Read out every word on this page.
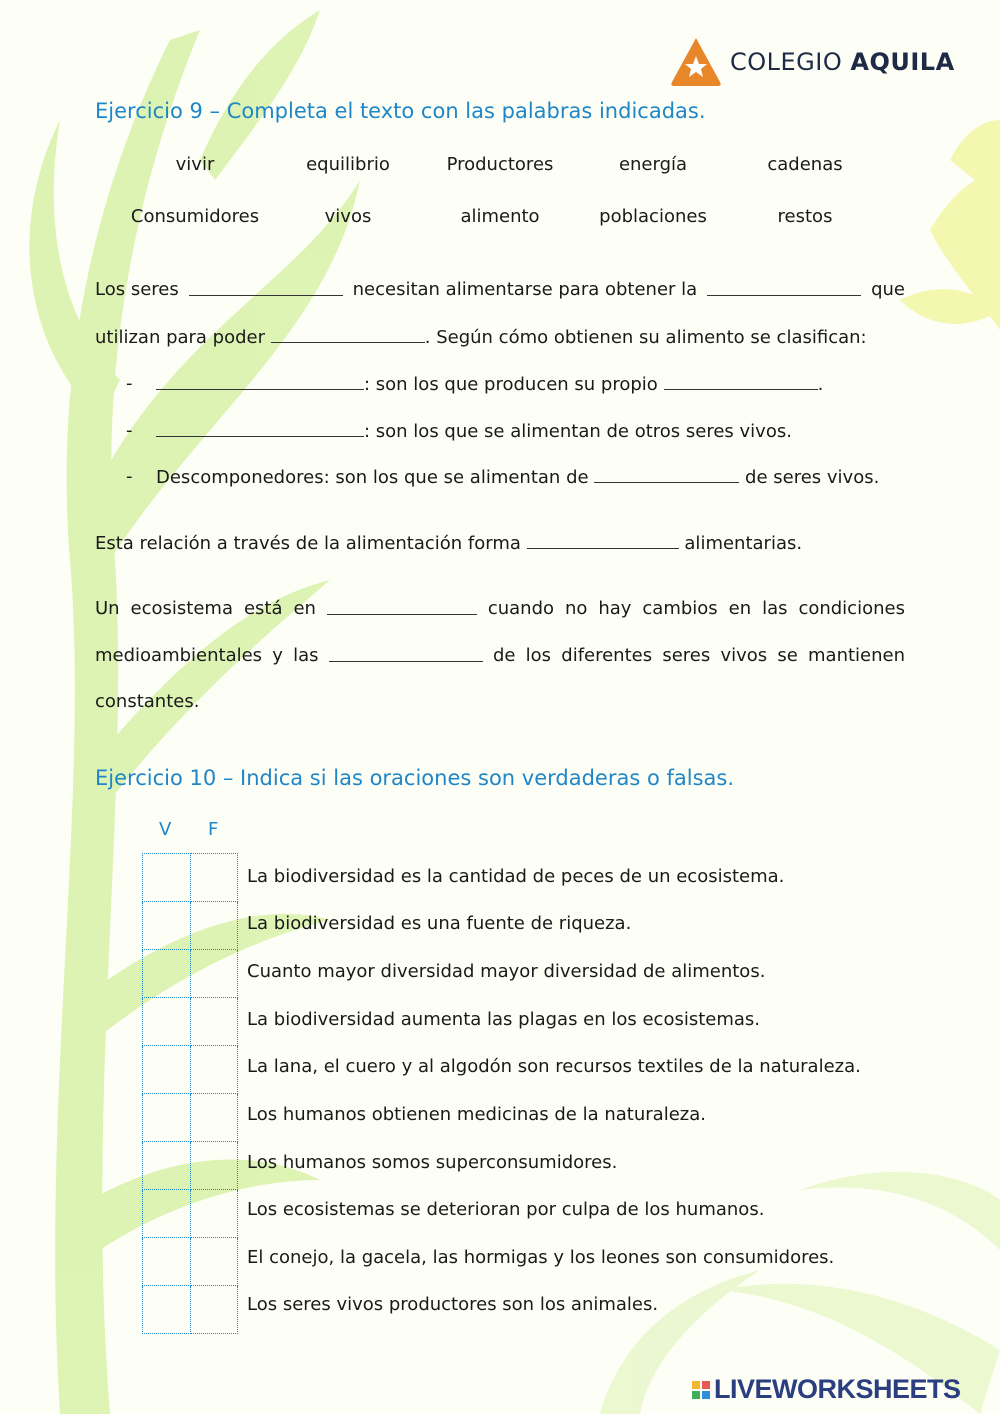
COLEGIO AQUILA
Ejercicio 9 – Completa el texto con las palabras indicadas.
vivir	equilibrio	Productores	energía	cadenas
Consumidores	vivos	alimento	poblaciones	restos
Los seres	necesitan alimentarse para obtener la	que
utilizan para poder	. Según cómo obtienen su alimento se clasifican:
-	: son los que producen su propio	.
-	: son los que se alimentan de otros seres vivos.
- Descomponedores: son los que se alimentan de	de seres vivos.
Esta relación a través de la alimentación forma	alimentarias.
Un ecosistema está en	cuando no hay cambios en las condiciones
medioambientales y las	de los diferentes seres vivos se mantienen
constantes.
Ejercicio 10 – Indica si las oraciones son verdaderas o falsas.
V F

La biodiversidad es la cantidad de peces de un ecosistema.
La biodiversidad es una fuente de riqueza.
Cuanto mayor diversidad mayor diversidad de alimentos.
La biodiversidad aumenta las plagas en los ecosistemas.
La lana, el cuero y al algodón son recursos textiles de la naturaleza.
Los humanos obtienen medicinas de la naturaleza.
Los humanos somos superconsumidores.
Los ecosistemas se deterioran por culpa de los humanos.
El conejo, la gacela, las hormigas y los leones son consumidores.
Los seres vivos productores son los animales.
LIVEWORKSHEETS
